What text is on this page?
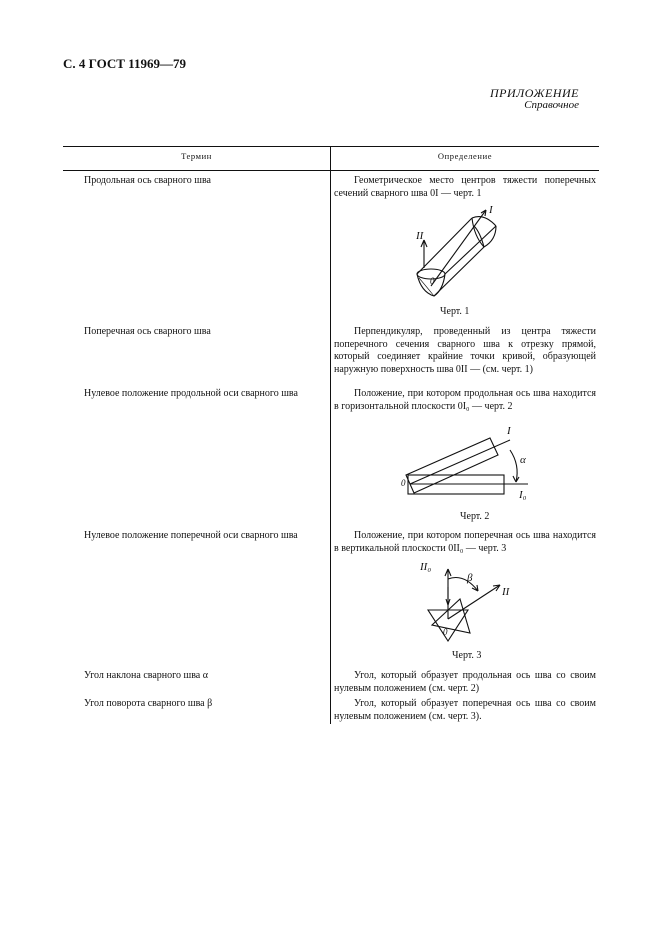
С. 4 ГОСТ 11969—79
ПРИЛОЖЕНИЕ
Справочное
Термин	Определение
Продольная ось сварного шва	Геометрическое место центров тяжести поперечных сечений сварного шва 0I — черт. 1
I
II
0
Черт. 1
Поперечная ось сварного шва	Перпендикуляр, проведенный из центра тяжести поперечного сечения сварного шва к отрезку прямой, который соединяет крайние точки кривой, образующей наружную поверхность шва 0II — (см. черт. 1)
Нулевое положение продольной оси сварного шва	Положение, при котором продольная ось шва находится в горизонтальной плоскости 0I₀ — черт. 2
I
α
I₀
0
Черт. 2
Нулевое положение поперечной оси сварного шва	Положение, при котором поперечная ось шва находится в вертикальной плоскости 0II₀ — черт. 3
II₀
β
II
0
Черт. 3
Угол наклона сварного шва α	Угол, который образует продольная ось шва со своим нулевым положением (см. черт. 2)
Угол поворота сварного шва β	Угол, который образует поперечная ось шва со своим нулевым положением (см. черт. 3).
